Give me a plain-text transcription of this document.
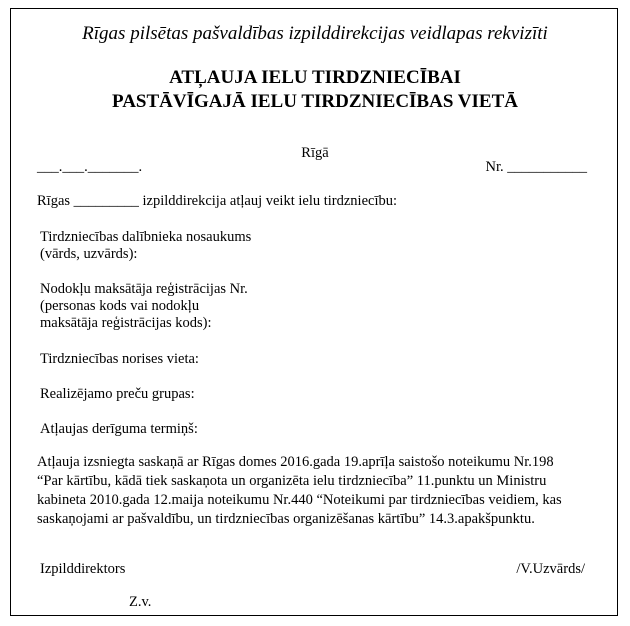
Rīgas pilsētas pašvaldības izpilddirekcijas veidlapas rekvizīti
ATĻAUJA IELU TIRDZNIECĪBAI
PASTĀVĪGAJĀ IELU TIRDZNIECĪBAS VIETĀ
Rīgā
___.___._______.	Nr. ___________
Rīgas _________ izpilddirekcija atļauj veikt ielu tirdzniecību:
Tirdzniecības dalībnieka nosaukums
(vārds, uzvārds):
Nodokļu maksātāja reģistrācijas Nr.
(personas kods vai nodokļu
maksātāja reģistrācijas kods):
Tirdzniecības norises vieta:
Realizējamo preču grupas:
Atļaujas derīguma termiņš:
Atļauja izsniegta saskaņā ar Rīgas domes 2016.gada 19.aprīļa saistošo noteikumu Nr.198
“Par kārtību, kādā tiek saskaņota un organizēta ielu tirdzniecība” 11.punktu un Ministru
kabineta 2010.gada 12.maija noteikumu Nr.440 “Noteikumi par tirdzniecības veidiem, kas
saskaņojami ar pašvaldību, un tirdzniecības organizēšanas kārtību” 14.3.apakšpunktu.
Izpilddirektors	/V.Uzvārds/
Z.v.
